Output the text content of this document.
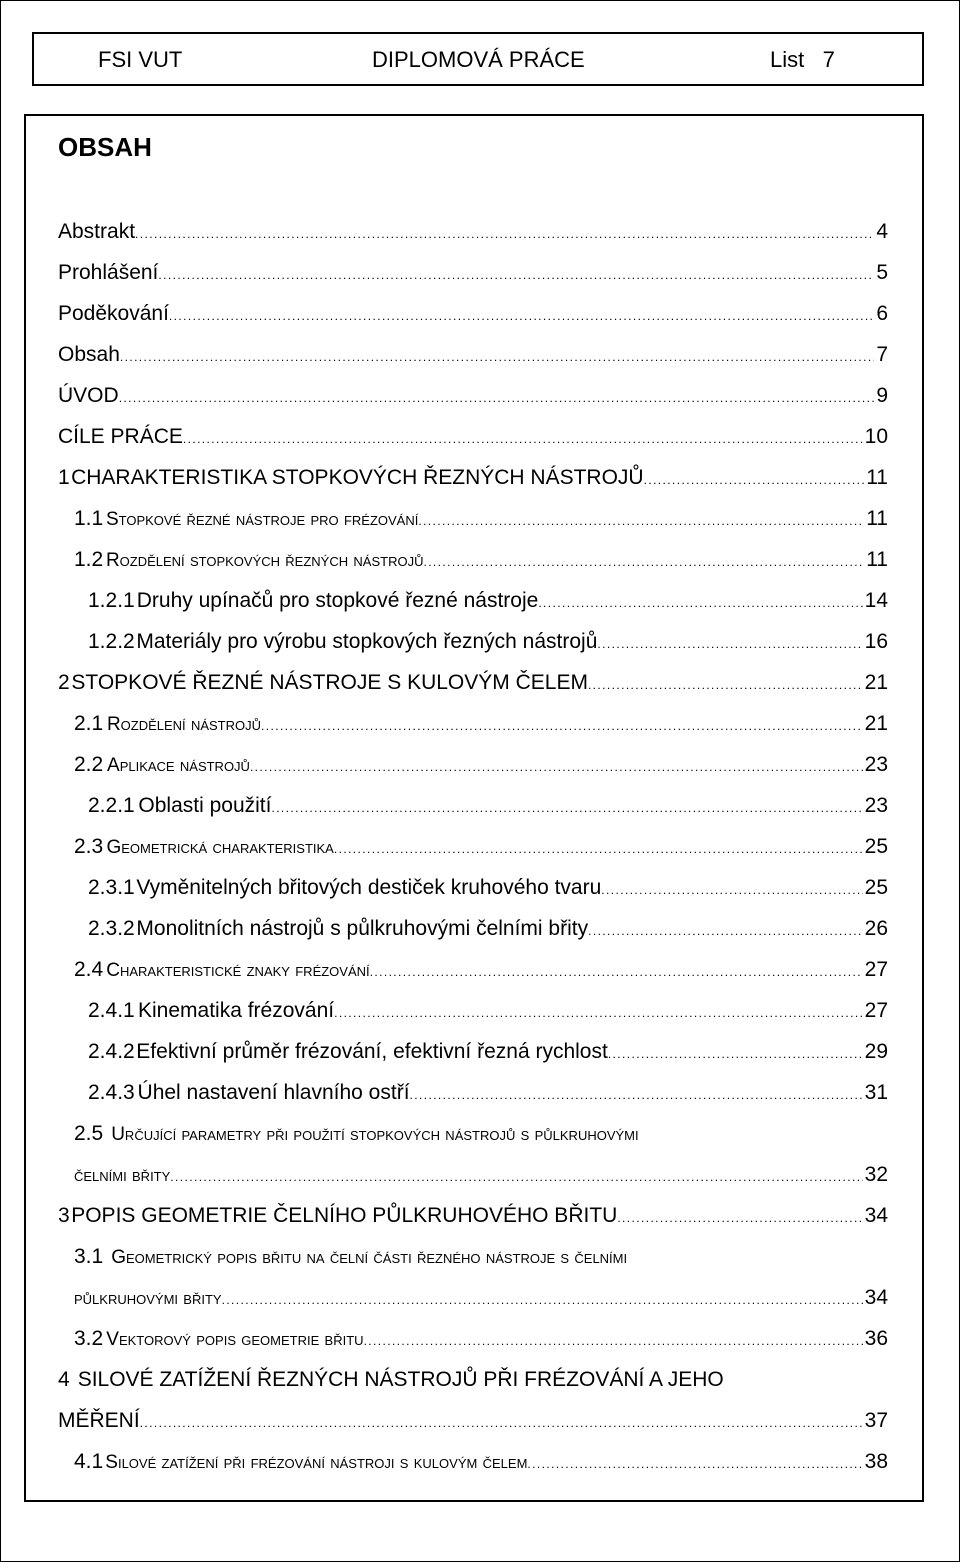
FSI VUT	DIPLOMOVÁ PRÁCE	List   7
OBSAH
Abstrakt .....	4
Prohlášení .....	5
Poděkování .....	6
Obsah .....	7
ÚVOD .....	9
CÍLE PRÁCE .....	10
1 CHARAKTERISTIKA STOPKOVÝCH ŘEZNÝCH NÁSTROJŮ .....	11
1.1 Stopkové řezné nástroje pro frézování .....	11
1.2 Rozdělení stopkových řezných nástrojů .....	11
1.2.1 Druhy upínačů pro stopkové řezné nástroje .....	14
1.2.2 Materiály pro výrobu stopkových řezných nástrojů .....	16
2 STOPKOVÉ ŘEZNÉ NÁSTROJE S KULOVÝM ČELEM .....	21
2.1 Rozdělení nástrojů .....	21
2.2 Aplikace nástrojů .....	23
2.2.1 Oblasti použití .....	23
2.3 Geometrická charakteristika .....	25
2.3.1 Vyměnitelných břitových destiček kruhového tvaru .....	25
2.3.2 Monolitních nástrojů s půlkruhovými čelními břity .....	26
2.4 Charakteristické znaky frézování .....	27
2.4.1 Kinematika frézování .....	27
2.4.2 Efektivní průměr frézování, efektivní řezná rychlost .....	29
2.4.3 Úhel nastavení hlavního ostří .....	31
2.5 Určující parametry při použití stopkových nástrojů s půlkruhovými
čelními břity .....	32
3 POPIS GEOMETRIE ČELNÍHO PŮLKRUHOVÉHO BŘITU .....	34
3.1 Geometrický popis břitu na čelní části řezného nástroje s čelními
půlkruhovými břity .....	34
3.2 Vektorový popis geometrie břitu .....	36
4 SILOVÉ ZATÍŽENÍ ŘEZNÝCH NÁSTROJŮ PŘI FRÉZOVÁNÍ A JEHO
MĚŘENÍ .....	37
4.1 Silové zatížení při frézování nástroji s kulovým čelem .....	38
